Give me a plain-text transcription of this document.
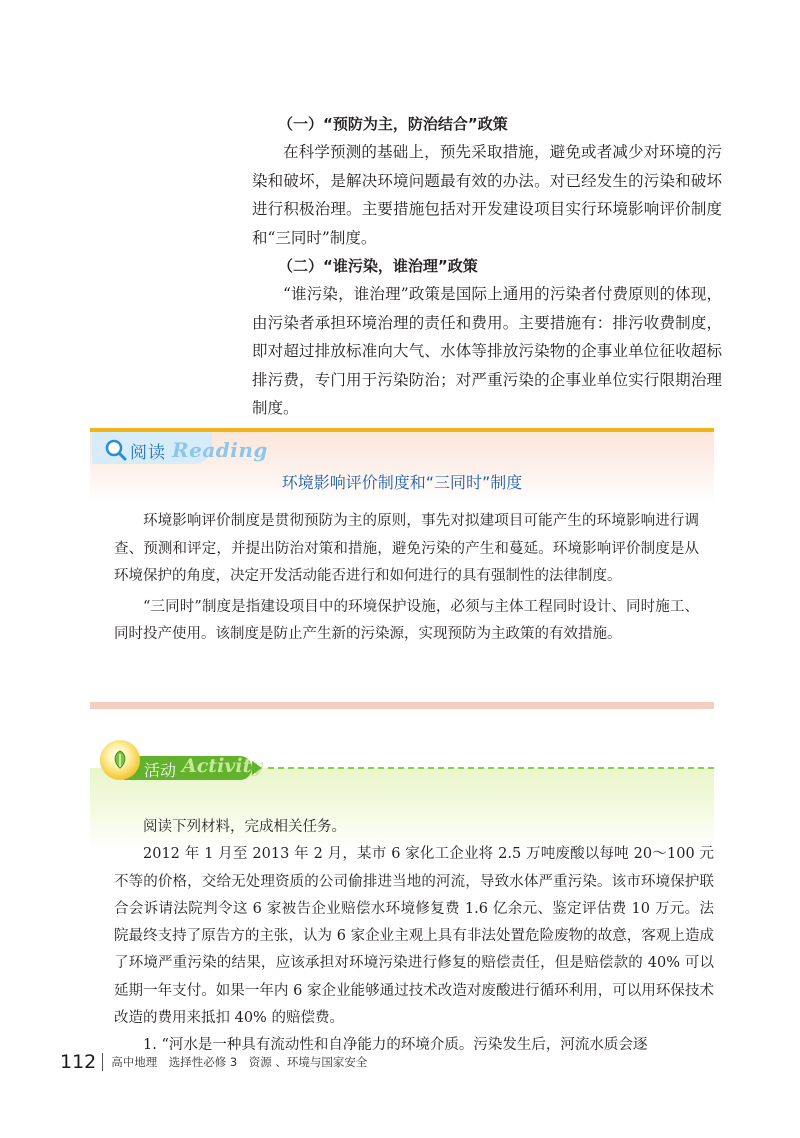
（一）“预防为主，防治结合”政策

在科学预测的基础上，预先采取措施，避免或者减少对环境的污染和破坏，是解决环境问题最有效的办法。对已经发生的污染和破坏进行积极治理。主要措施包括对开发建设项目实行环境影响评价制度和“三同时”制度。

（二）“谁污染，谁治理”政策

“谁污染，谁治理”政策是国际上通用的污染者付费原则的体现，由污染者承担环境治理的责任和费用。主要措施有：排污收费制度，即对超过排放标准向大气、水体等排放污染物的企事业单位征收超标排污费，专门用于污染防治；对严重污染的企事业单位实行限期治理制度。

阅读 Reading
环境影响评价制度和“三同时”制度

环境影响评价制度是贯彻预防为主的原则，事先对拟建项目可能产生的环境影响进行调查、预测和评定，并提出防治对策和措施，避免污染的产生和蔓延。环境影响评价制度是从环境保护的角度，决定开发活动能否进行和如何进行的具有强制性的法律制度。

“三同时”制度是指建设项目中的环境保护设施，必须与主体工程同时设计、同时施工、同时投产使用。该制度是防止产生新的污染源，实现预防为主政策的有效措施。

活动 Activity

阅读下列材料，完成相关任务。

2012 年 1 月至 2013 年 2 月，某市 6 家化工企业将 2.5 万吨废酸以每吨 20～100 元不等的价格，交给无处理资质的公司偷排进当地的河流，导致水体严重污染。该市环境保护联合会诉请法院判令这 6 家被告企业赔偿水环境修复费 1.6 亿余元、鉴定评估费 10 万元。法院最终支持了原告方的主张，认为 6 家企业主观上具有非法处置危险废物的故意，客观上造成了环境严重污染的结果，应该承担对环境污染进行修复的赔偿责任，但是赔偿款的 40% 可以延期一年支付。如果一年内 6 家企业能够通过技术改造对废酸进行循环利用，可以用环保技术改造的费用来抵扣 40% 的赔偿费。

1. “河水是一种具有流动性和自净能力的环境介质。污染发生后，河流水质会逐

112	高中地理　选择性必修 3　资源 、环境与国家安全
